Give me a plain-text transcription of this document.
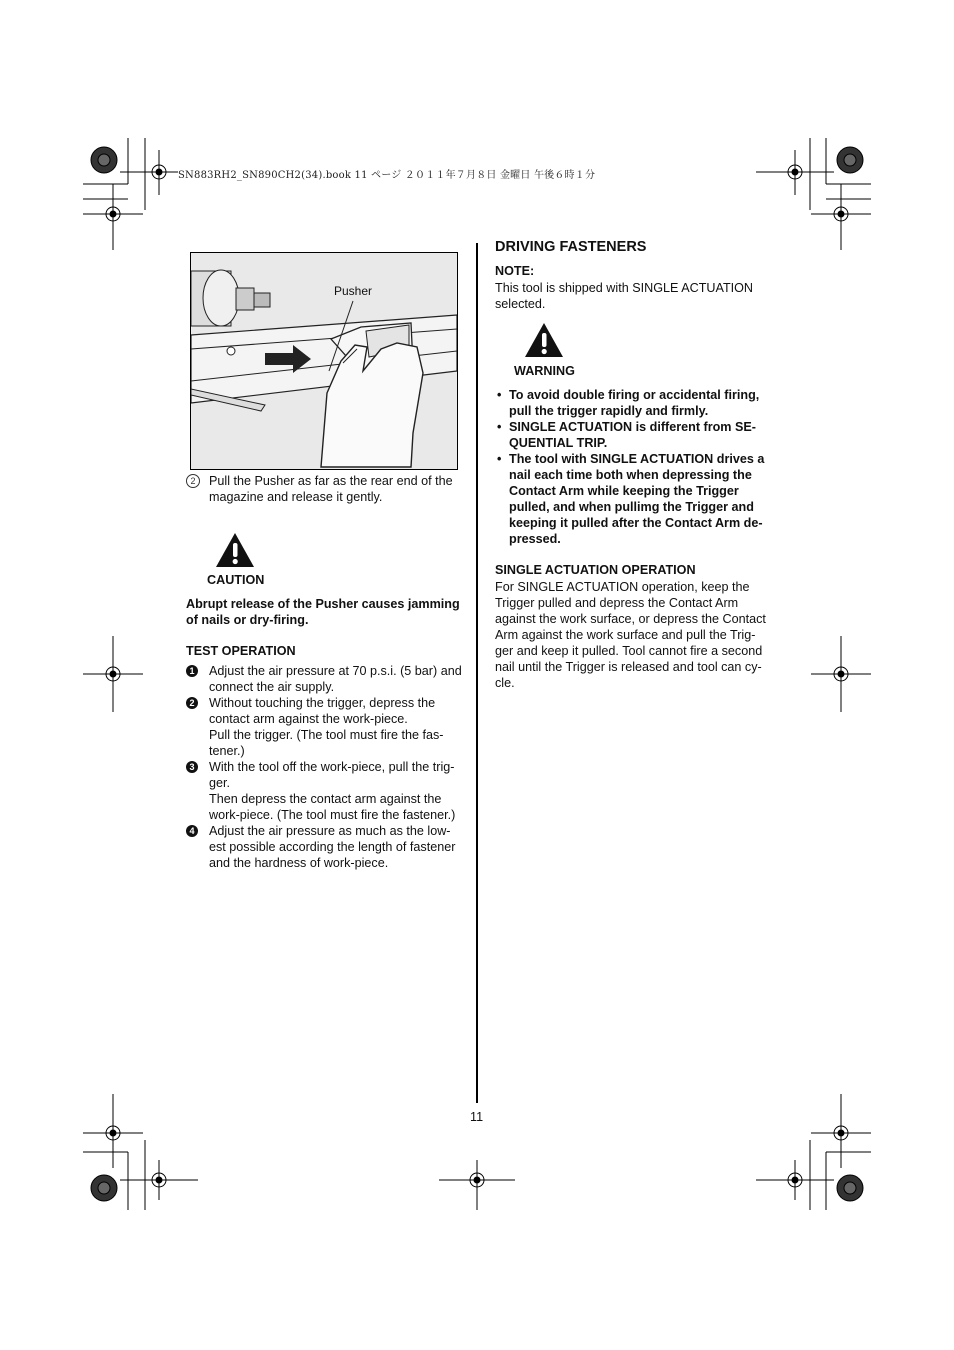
SN883RH2_SN890CH2(34).book 11 ページ ２０１１年７月８日 金曜日 午後６時１分
Pusher
2	Pull the Pusher as far as the rear end of the
magazine and release it gently.
CAUTION
Abrupt release of the Pusher causes jamming
of nails or dry-firing.
TEST OPERATION
1 Adjust the air pressure at 70 p.s.i. (5 bar) and
connect the air supply.
2 Without touching the trigger, depress the
contact arm against the work-piece.
Pull the trigger. (The tool must fire the fas-
tener.)
3 With the tool off the work-piece, pull the trig-
ger.
Then depress the contact arm against the
work-piece. (The tool must fire the fastener.)
4 Adjust the air pressure as much as the low-
est possible according the length of fastener
and the hardness of work-piece.
DRIVING FASTENERS
NOTE:
This tool is shipped with SINGLE ACTUATION
selected.
WARNING
• To avoid double firing or accidental firing,
pull the trigger rapidly and firmly.
• SINGLE ACTUATION is different from SE-
QUENTIAL TRIP.
• The tool with SINGLE ACTUATION drives a
nail each time both when depressing the
Contact Arm while keeping the Trigger
pulled, and when pullimg the Trigger and
keeping it pulled after the Contact Arm de-
pressed.
SINGLE ACTUATION OPERATION
For SINGLE ACTUATION operation, keep the
Trigger pulled and depress the Contact Arm
against the work surface, or depress the Contact
Arm against the work surface and pull the Trig-
ger and keep it pulled. Tool cannot fire a second
nail until the Trigger is released and tool can cy-
cle.
11
